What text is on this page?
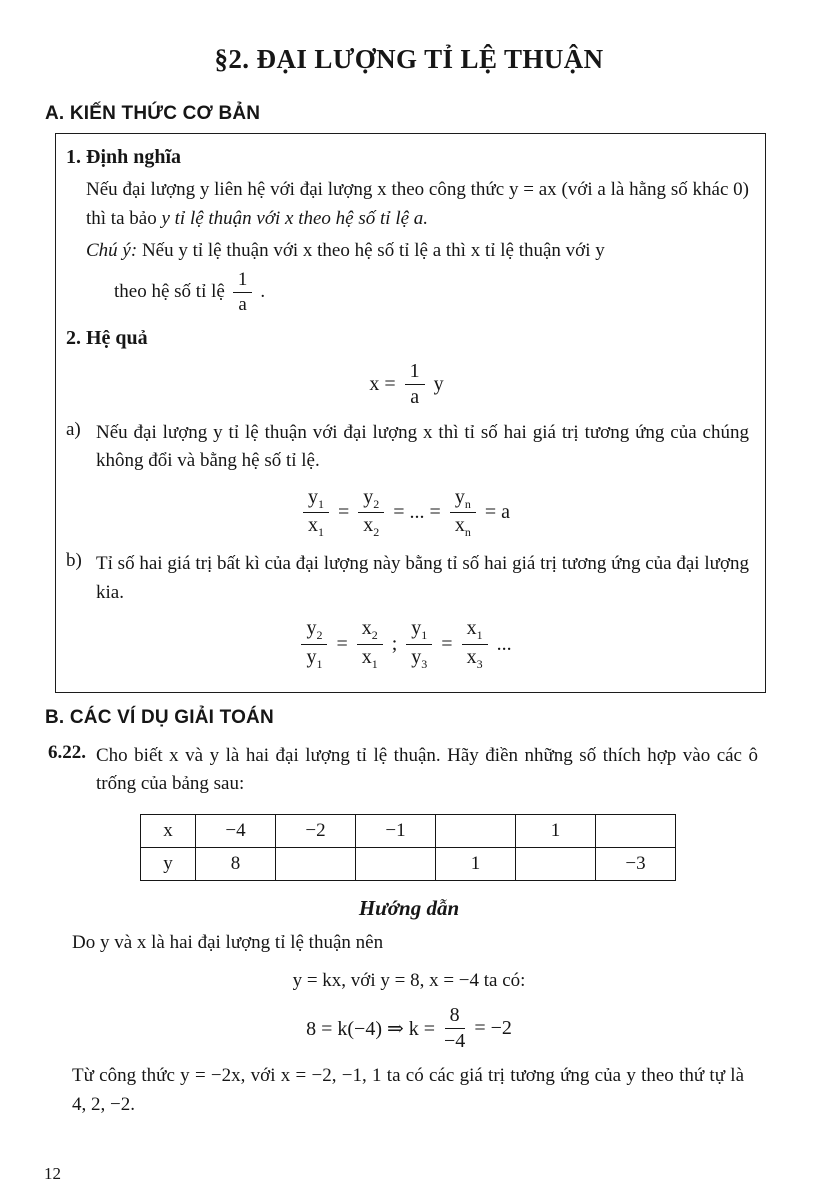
§2. ĐẠI LƯỢNG TỈ LỆ THUẬN
A. KIẾN THỨC CƠ BẢN
1. Định nghĩa

Nếu đại lượng y liên hệ với đại lượng x theo công thức y = ax (với a là hằng số khác 0) thì ta bảo y tỉ lệ thuận với x theo hệ số tỉ lệ a.

Chú ý: Nếu y tỉ lệ thuận với x theo hệ số tỉ lệ a thì x tỉ lệ thuận với y

theo hệ số tỉ lệ $\frac{1}{a}$ .
2. Hệ quả
$x = \frac{1}{a}$ y
a) Nếu đại lượng y tỉ lệ thuận với đại lượng x thì tỉ số hai giá trị tương ứng của chúng không đổi và bằng hệ số tỉ lệ.
$\frac{y_1}{x_1} = \frac{y_2}{x_2}$ = ... = $\frac{y_n}{x_n} = a$
b) Tỉ số hai giá trị bất kì của đại lượng này bằng tỉ số hai giá trị tương ứng của đại lượng kia.
$\frac{y_2}{y_1} = \frac{x_2}{x_1}$ ; $\frac{y_1}{y_3} = \frac{x_1}{x_3}$ ...
B. CÁC VÍ DỤ GIẢI TOÁN
6.22. Cho biết x và y là hai đại lượng tỉ lệ thuận. Hãy điền những số thích hợp vào các ô trống của bảng sau:
x	−4	−2	−1		1	
y	8			1		−3
Hướng dẫn

Do y và x là hai đại lượng tỉ lệ thuận nên

y = kx, với y = 8, x = −4 ta có:

8 = k(−4) ⇒ $k = \frac{8}{-4} = -2$

Từ công thức y = −2x, với x = −2, −1, 1 ta có các giá trị tương ứng của y theo thứ tự là 4, 2, −2.

12
